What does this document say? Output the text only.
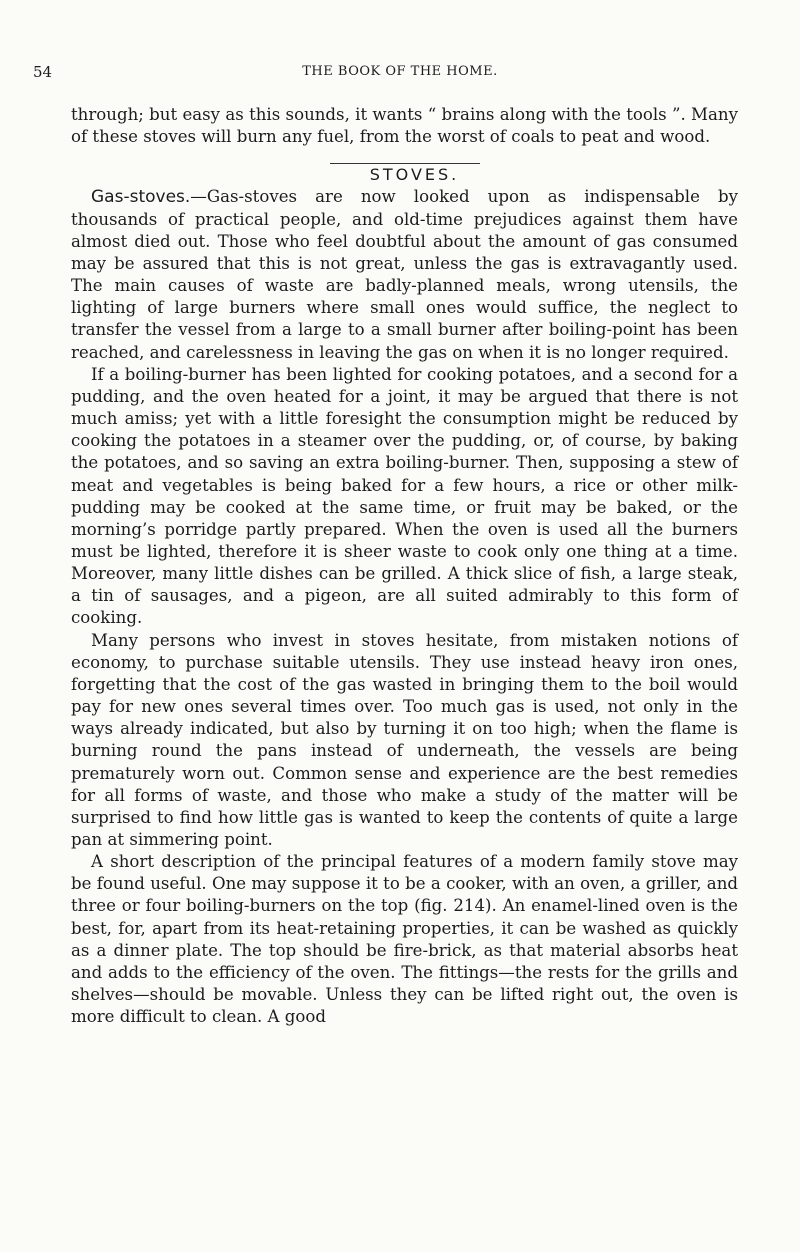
54	THE BOOK OF THE HOME.

through; but easy as this sounds, it wants “ brains along with the tools ”. Many of these stoves will burn any fuel, from the worst of coals to peat and wood.

STOVES.

Gas-stoves.—Gas-stoves are now looked upon as indispensable by thousands of practical people, and old-time prejudices against them have almost died out. Those who feel doubtful about the amount of gas consumed may be assured that this is not great, unless the gas is extravagantly used. The main causes of waste are badly-planned meals, wrong utensils, the lighting of large burners where small ones would suffice, the neglect to transfer the vessel from a large to a small burner after boiling-point has been reached, and carelessness in leaving the gas on when it is no longer required.

If a boiling-burner has been lighted for cooking potatoes, and a second for a pudding, and the oven heated for a joint, it may be argued that there is not much amiss; yet with a little foresight the consumption might be reduced by cooking the potatoes in a steamer over the pudding, or, of course, by baking the potatoes, and so saving an extra boiling-burner. Then, supposing a stew of meat and vegetables is being baked for a few hours, a rice or other milk-pudding may be cooked at the same time, or fruit may be baked, or the morning’s porridge partly prepared. When the oven is used all the burners must be lighted, therefore it is sheer waste to cook only one thing at a time. Moreover, many little dishes can be grilled. A thick slice of fish, a large steak, a tin of sausages, and a pigeon, are all suited admirably to this form of cooking.

Many persons who invest in stoves hesitate, from mistaken notions of economy, to purchase suitable utensils. They use instead heavy iron ones, forgetting that the cost of the gas wasted in bringing them to the boil would pay for new ones several times over. Too much gas is used, not only in the ways already indicated, but also by turning it on too high; when the flame is burning round the pans instead of underneath, the vessels are being prematurely worn out. Common sense and experience are the best remedies for all forms of waste, and those who make a study of the matter will be surprised to find how little gas is wanted to keep the contents of quite a large pan at simmering point.

A short description of the principal features of a modern family stove may be found useful. One may suppose it to be a cooker, with an oven, a griller, and three or four boiling-burners on the top (fig. 214). An enamel-lined oven is the best, for, apart from its heat-retaining properties, it can be washed as quickly as a dinner plate. The top should be fire-brick, as that material absorbs heat and adds to the efficiency of the oven. The fittings—the rests for the grills and shelves—should be movable. Unless they can be lifted right out, the oven is more difficult to clean. A good
